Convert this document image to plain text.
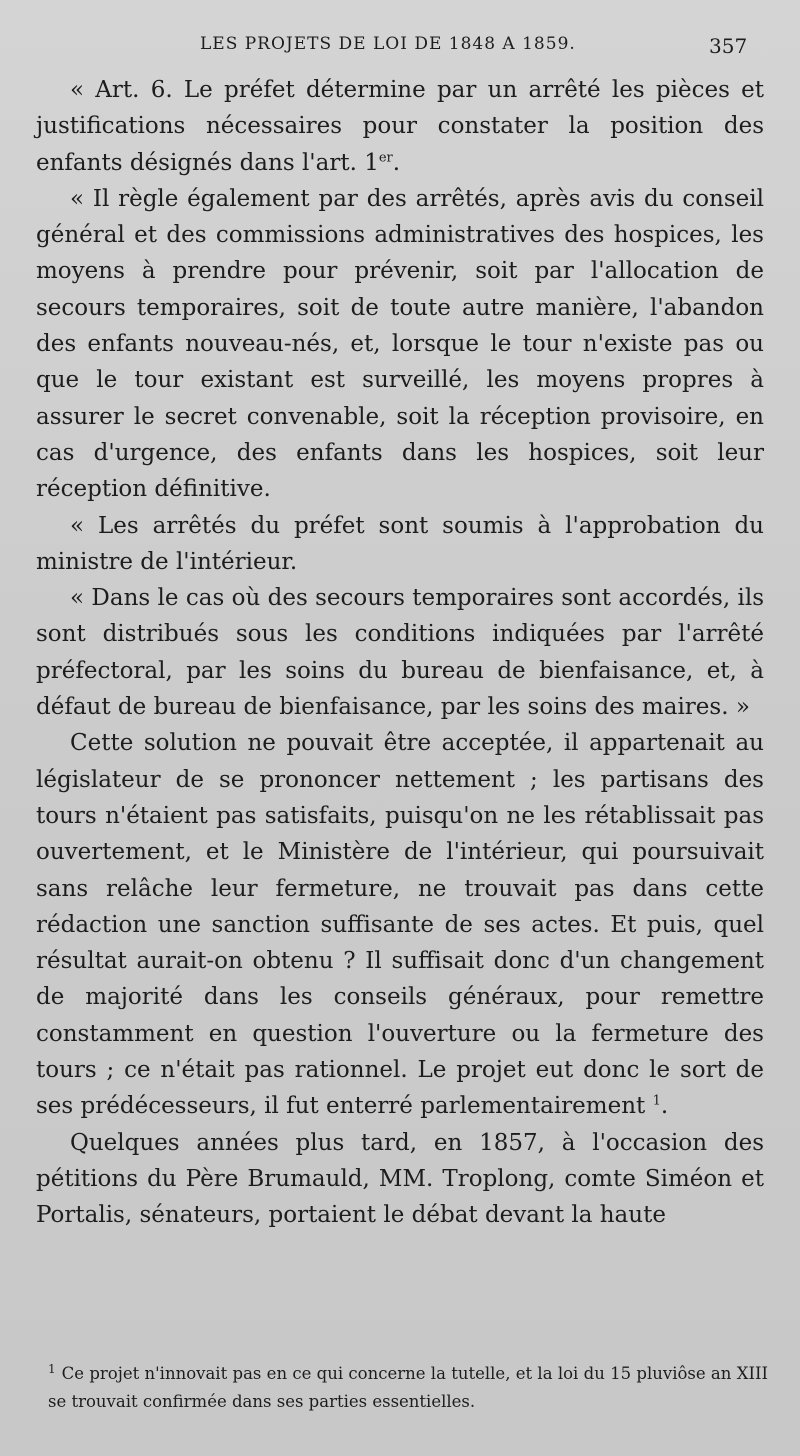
LES PROJETS DE LOI DE 1848 A 1859.	357

« Art. 6. Le préfet détermine par un arrêté les pièces et justifications nécessaires pour constater la position des enfants désignés dans l'art. 1er.

« Il règle également par des arrêtés, après avis du conseil général et des commissions administratives des hospices, les moyens à prendre pour prévenir, soit par l'allocation de secours temporaires, soit de toute autre manière, l'abandon des enfants nouveau-nés, et, lorsque le tour n'existe pas ou que le tour existant est surveillé, les moyens propres à assurer le secret convenable, soit la réception provisoire, en cas d'urgence, des enfants dans les hospices, soit leur réception définitive.

« Les arrêtés du préfet sont soumis à l'approbation du ministre de l'intérieur.

« Dans le cas où des secours temporaires sont accordés, ils sont distribués sous les conditions indiquées par l'arrêté préfectoral, par les soins du bureau de bienfaisance, et, à défaut de bureau de bienfaisance, par les soins des maires. »

Cette solution ne pouvait être acceptée, il appartenait au législateur de se prononcer nettement ; les partisans des tours n'étaient pas satisfaits, puisqu'on ne les rétablissait pas ouvertement, et le Ministère de l'intérieur, qui poursuivait sans relâche leur fermeture, ne trouvait pas dans cette rédaction une sanction suffisante de ses actes. Et puis, quel résultat aurait-on obtenu ? Il suffisait donc d'un changement de majorité dans les conseils généraux, pour remettre constamment en question l'ouverture ou la fermeture des tours ; ce n'était pas rationnel. Le projet eut donc le sort de ses prédécesseurs, il fut enterré parlementairement $^1$.

Quelques années plus tard, en 1857, à l'occasion des pétitions du Père Brumauld, MM. Troplong, comte Siméon et Portalis, sénateurs, portaient le débat devant la haute

$^1$ Ce projet n'innovait pas en ce qui concerne la tutelle, et la loi du 15 pluviôse an XIII se trouvait confirmée dans ses parties essentielles.
